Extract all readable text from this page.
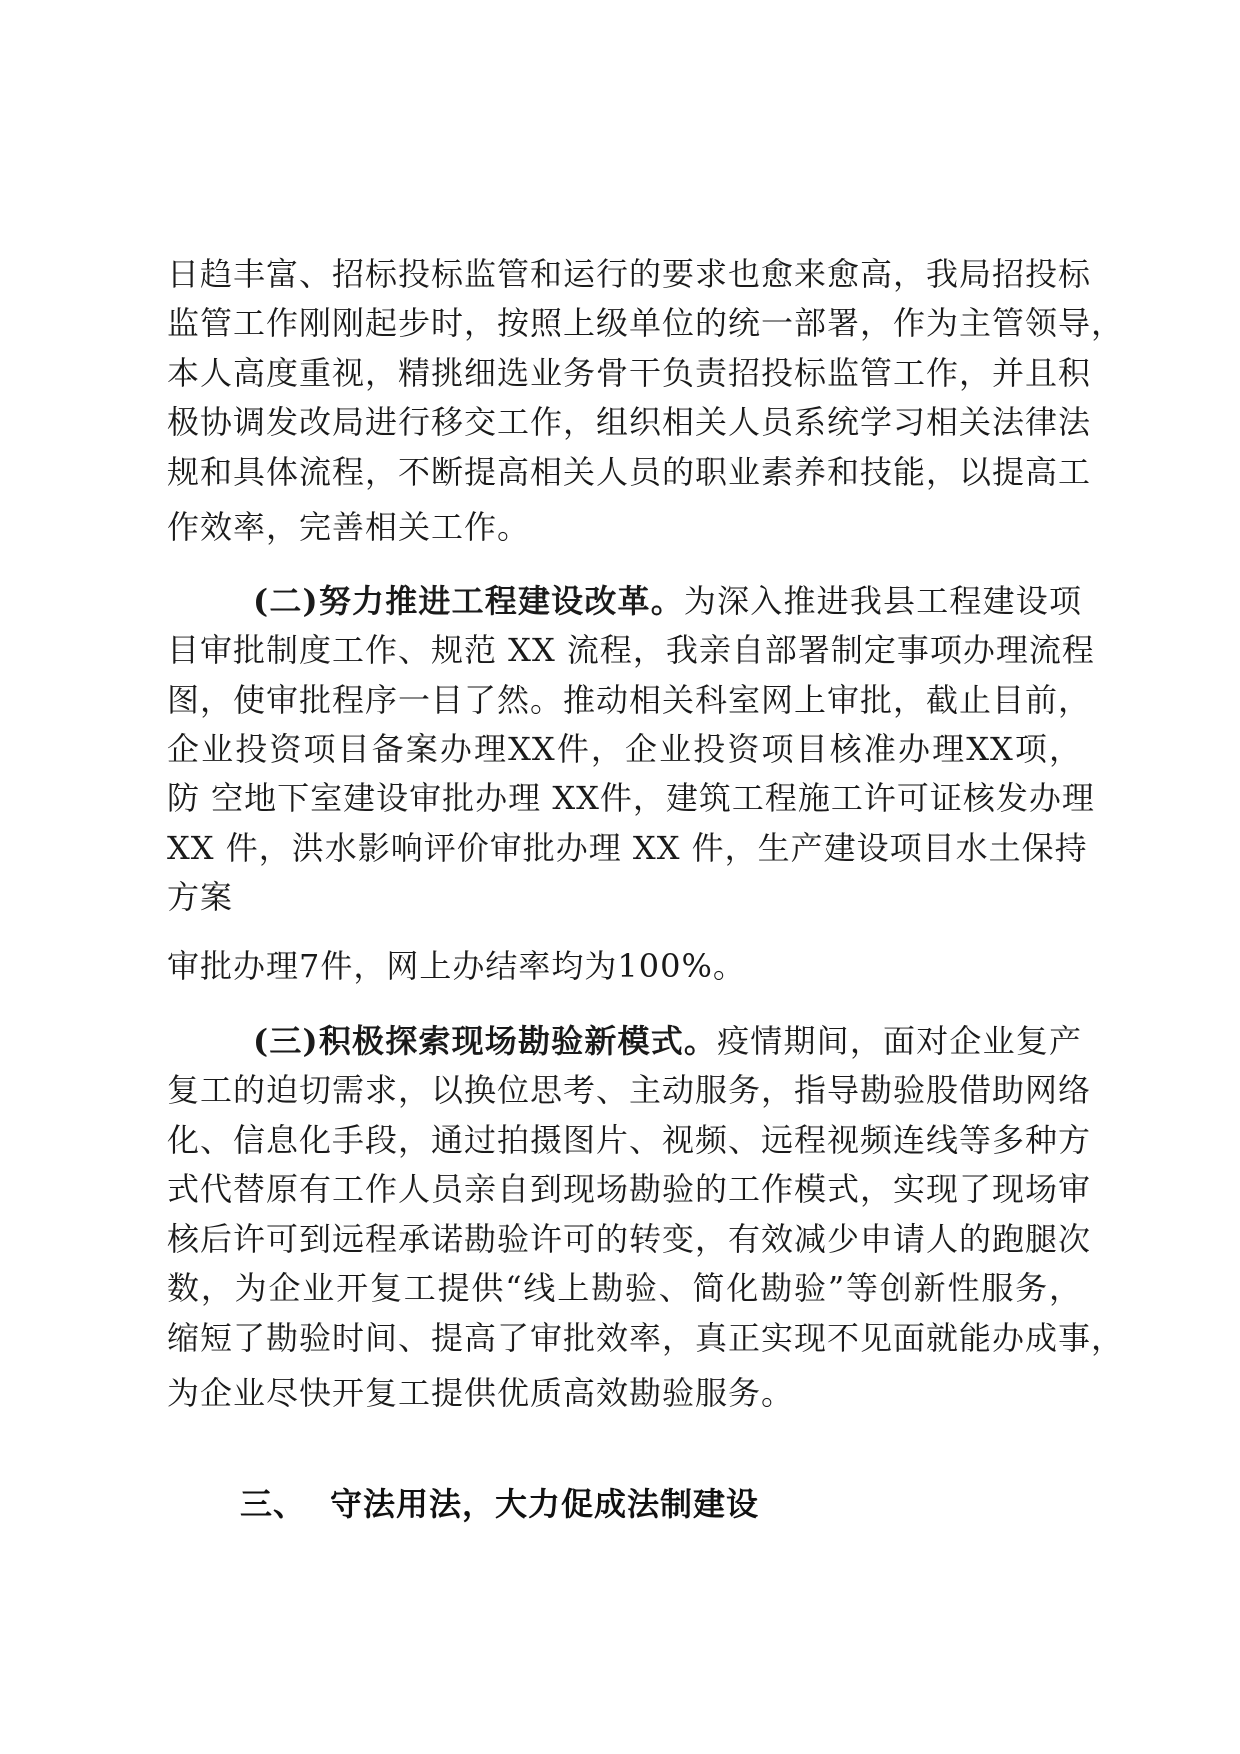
日趋丰富、招标投标监管和运行的要求也愈来愈高，我局招投标

监管工作刚刚起步时，按照上级单位的统一部署，作为主管领导，

本人高度重视，精挑细选业务骨干负责招投标监管工作，并且积

极协调发改局进行移交工作，组织相关人员系统学习相关法律法

规和具体流程，不断提高相关人员的职业素养和技能，以提高工

作效率，完善相关工作。

(二)努力推进工程建设改革。为深入推进我县工程建设项

目审批制度工作、规范 XX 流程，我亲自部署制定事项办理流程

图，使审批程序一目了然。推动相关科室网上审批，截止目前，

企业投资项目备案办理XX件，企业投资项目核准办理XX项，

防 空地下室建设审批办理 XX件，建筑工程施工许可证核发办理

XX 件，洪水影响评价审批办理 XX 件，生产建设项目水土保持

方案

审批办理7件，网上办结率均为100%。

(三)积极探索现场勘验新模式。疫情期间，面对企业复产

复工的迫切需求，以换位思考、主动服务，指导勘验股借助网络

化、信息化手段，通过拍摄图片、视频、远程视频连线等多种方

式代替原有工作人员亲自到现场勘验的工作模式，实现了现场审

核后许可到远程承诺勘验许可的转变，有效减少申请人的跑腿次

数，为企业开复工提供“线上勘验、简化勘验”等创新性服务，

缩短了勘验时间、提高了审批效率，真正实现不见面就能办成事，

为企业尽快开复工提供优质高效勘验服务。

三、 守法用法，大力促成法制建设
